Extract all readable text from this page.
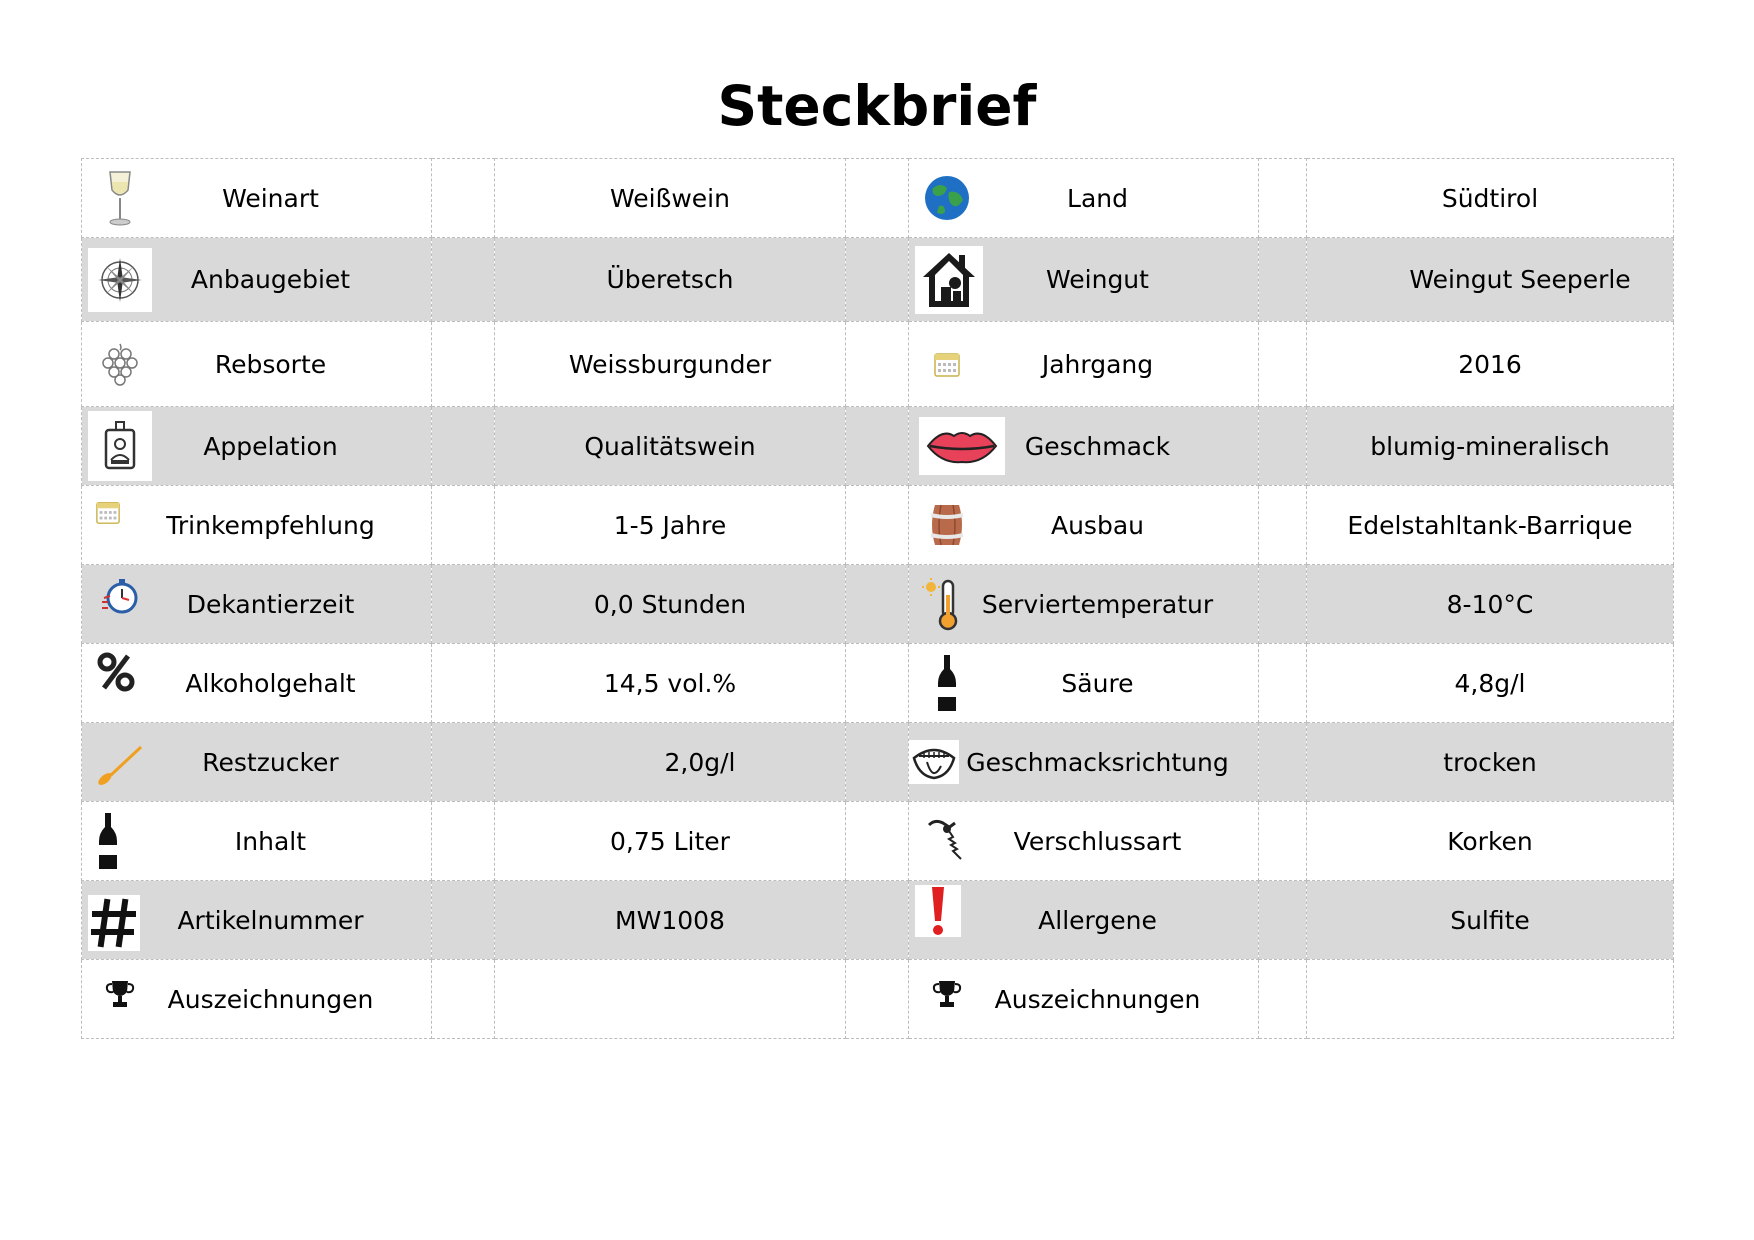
Steckbrief
Weinart		Weißwein		Land		Südtirol

Anbaugebiet		Überetsch		Weingut		Weingut Seeperle

Rebsorte		Weissburgunder		Jahrgang		2016

Appelation		Qualitätswein		Geschmack		blumig-mineralisch

Trinkempfehlung		1-5 Jahre		Ausbau		Edelstahltank-Barrique

Dekantierzeit		0,0 Stunden		Serviertemperatur		8-10°C

Alkoholgehalt		14,5 vol.%		Säure		4,8g/l

Restzucker		2,0g/l		Geschmacksrichtung		trocken

Inhalt		0,75 Liter		Verschlussart		Korken

Artikelnummer		MW1008		Allergene		Sulfite

Auszeichnungen				Auszeichnungen		
